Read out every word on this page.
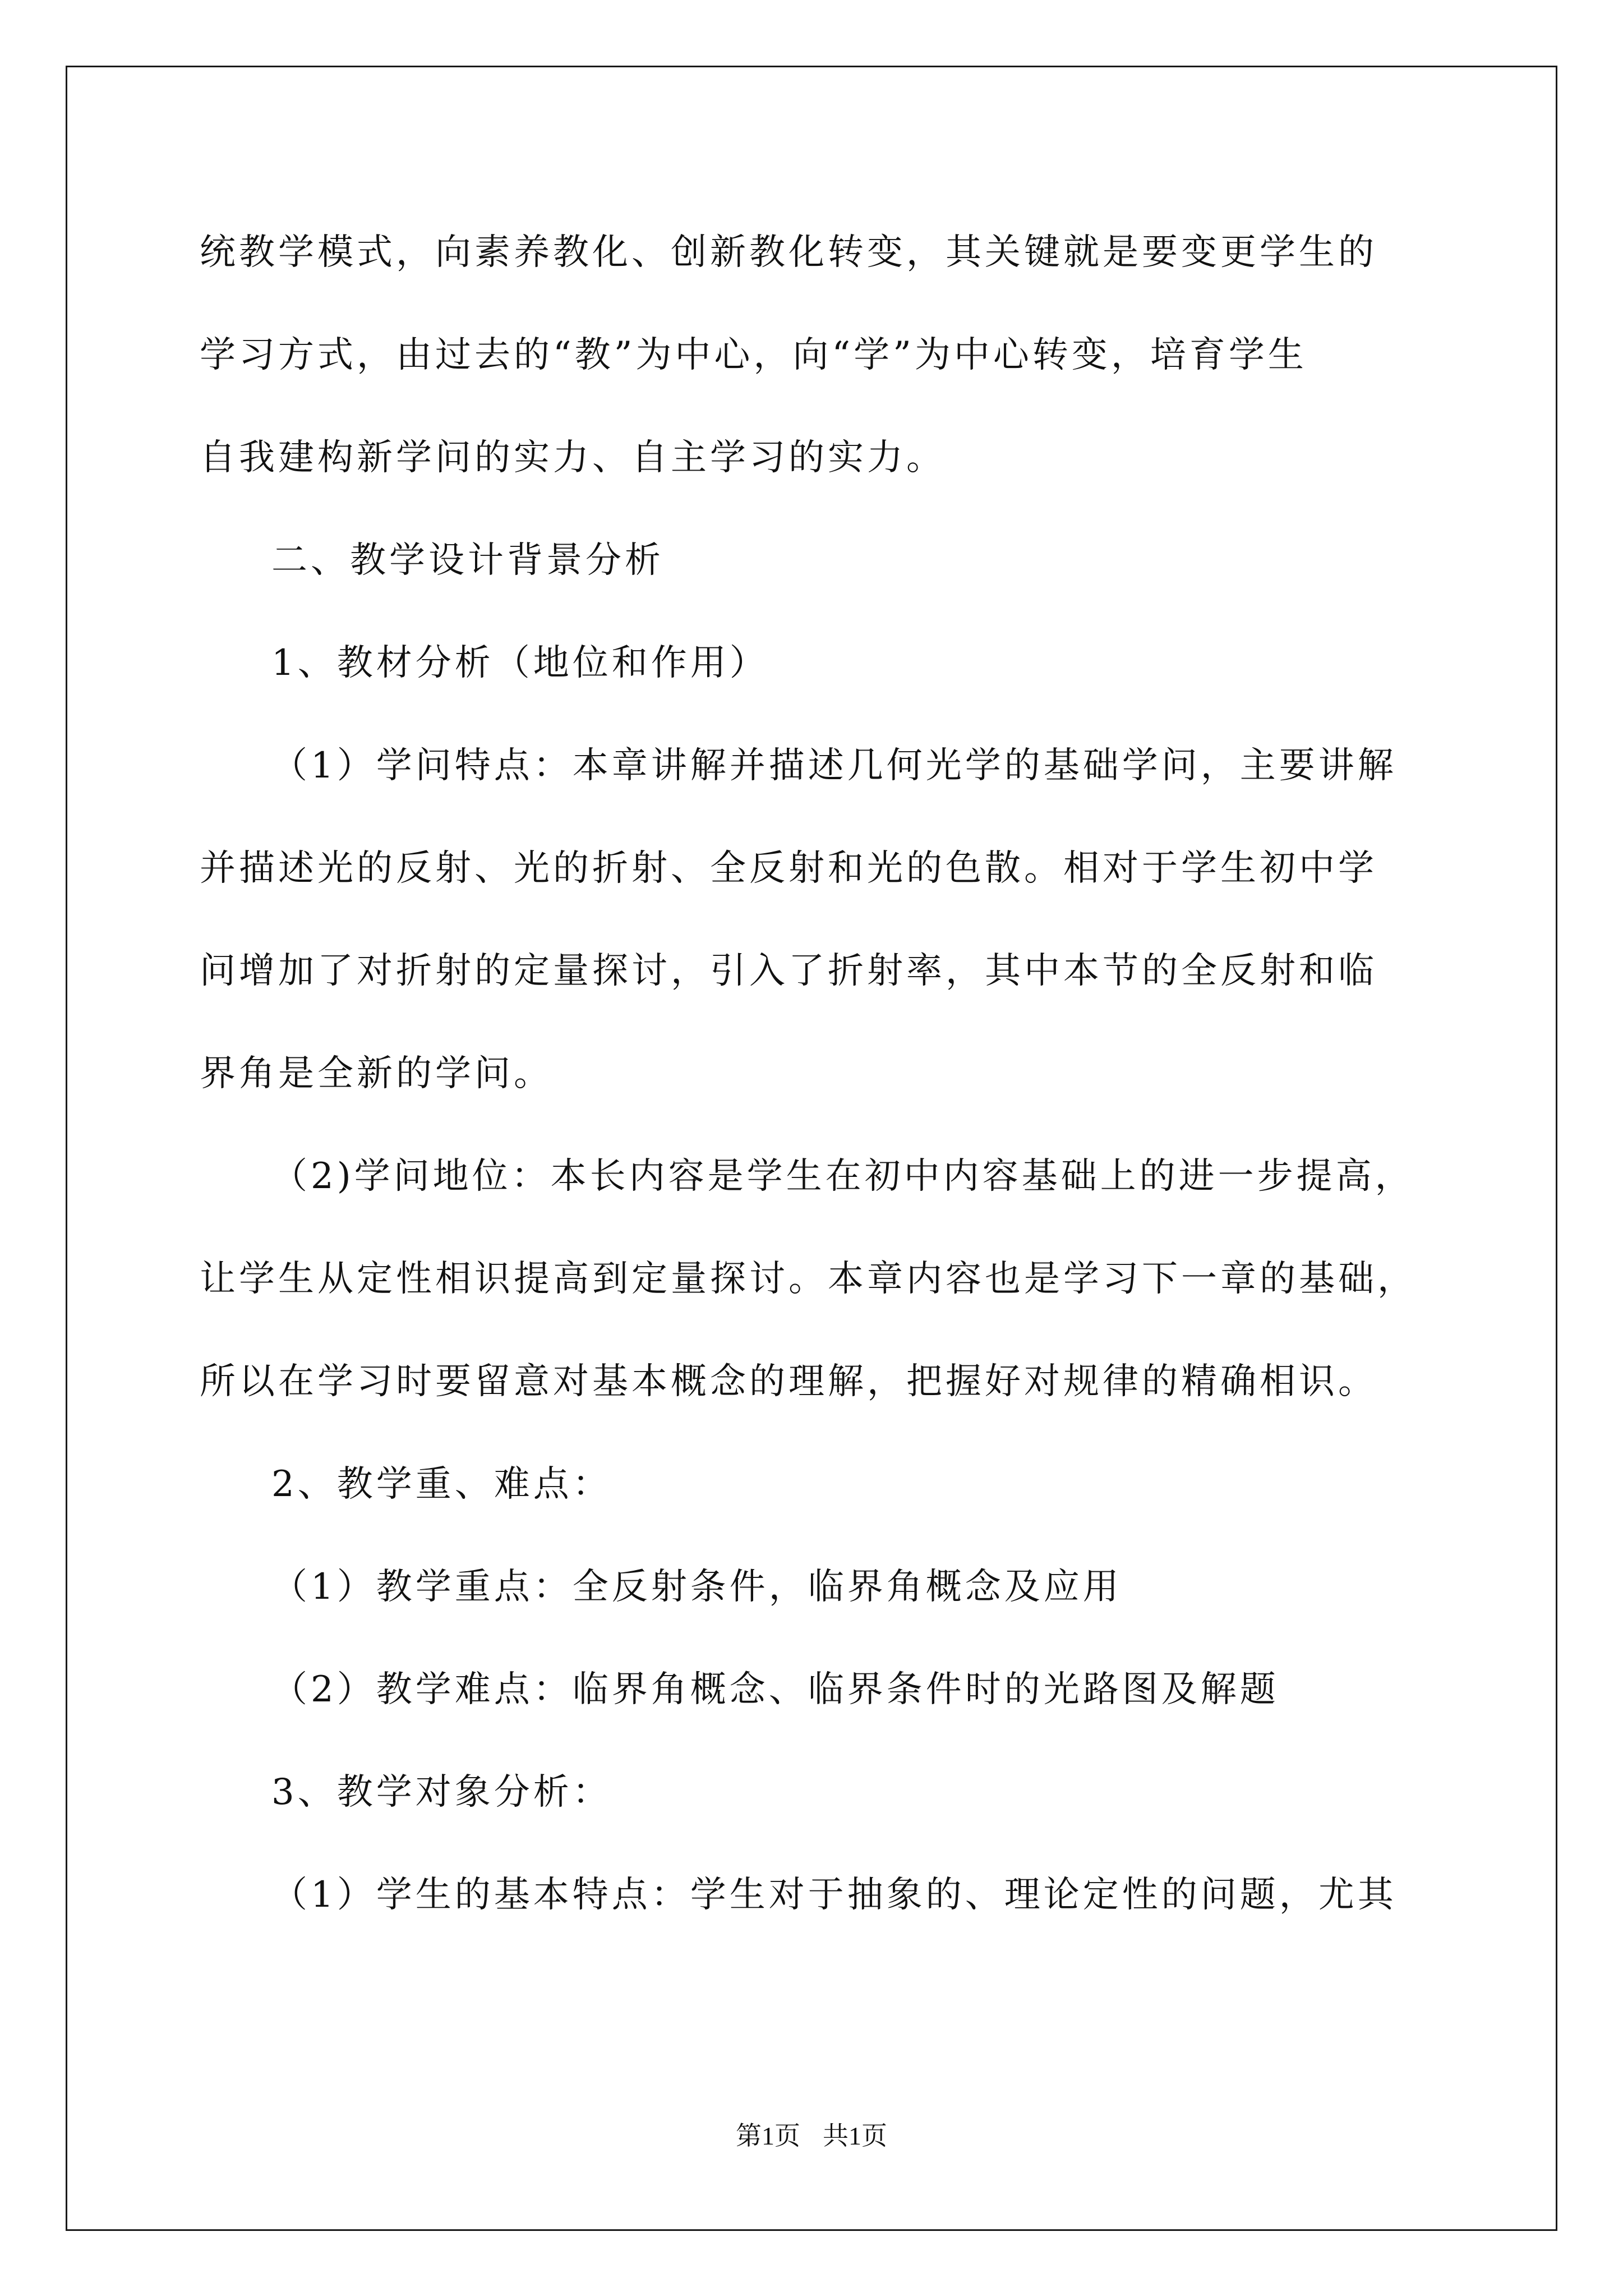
统教学模式，向素养教化、创新教化转变，其关键就是要变更学生的
学习方式，由过去的“教”为中心，向“学”为中心转变，培育学生
自我建构新学问的实力、自主学习的实力。
二、教学设计背景分析
1、教材分析（地位和作用）
（1）学问特点：本章讲解并描述几何光学的基础学问，主要讲解
并描述光的反射、光的折射、全反射和光的色散。相对于学生初中学
问增加了对折射的定量探讨，引入了折射率，其中本节的全反射和临
界角是全新的学问。
（2)学问地位：本长内容是学生在初中内容基础上的进一步提高，
让学生从定性相识提高到定量探讨。本章内容也是学习下一章的基础，
所以在学习时要留意对基本概念的理解，把握好对规律的精确相识。
2、教学重、难点：
（1）教学重点：全反射条件，临界角概念及应用
（2）教学难点：临界角概念、临界条件时的光路图及解题
3、教学对象分析：
（1）学生的基本特点：学生对于抽象的、理论定性的问题，尤其
第1页 共1页
